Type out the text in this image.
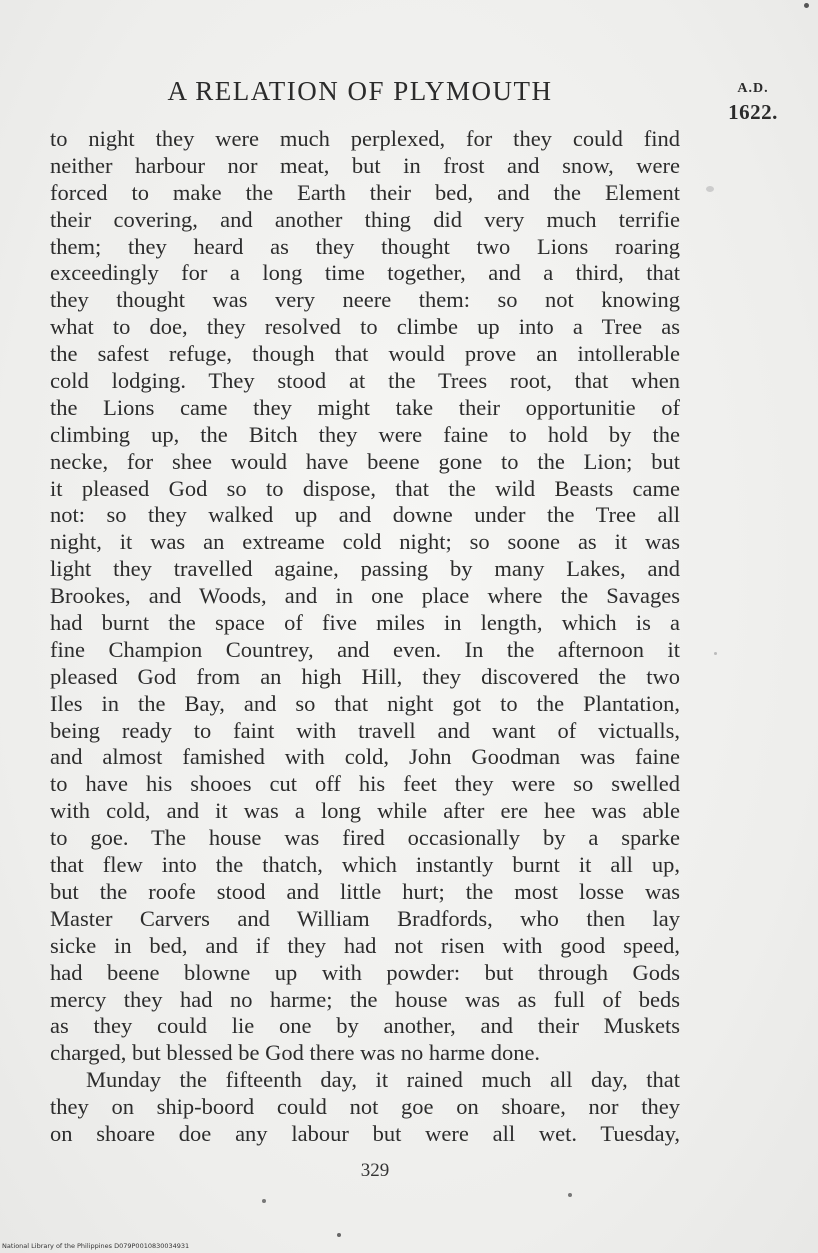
A RELATION OF PLYMOUTH	A.D.
1622.
to night they were much perplexed, for they could find
neither harbour nor meat, but in frost and snow, were
forced to make the Earth their bed, and the Element
their covering, and another thing did very much terrifie
them; they heard as they thought two Lions roaring
exceedingly for a long time together, and a third, that
they thought was very neere them: so not knowing
what to doe, they resolved to climbe up into a Tree as
the safest refuge, though that would prove an intollerable
cold lodging. They stood at the Trees root, that when
the Lions came they might take their opportunitie of
climbing up, the Bitch they were faine to hold by the
necke, for shee would have beene gone to the Lion; but
it pleased God so to dispose, that the wild Beasts came
not: so they walked up and downe under the Tree all
night, it was an extreame cold night; so soone as it was
light they travelled againe, passing by many Lakes, and
Brookes, and Woods, and in one place where the Savages
had burnt the space of five miles in length, which is a
fine Champion Countrey, and even. In the afternoon it
pleased God from an high Hill, they discovered the two
Iles in the Bay, and so that night got to the Plantation,
being ready to faint with travell and want of victualls,
and almost famished with cold, John Goodman was faine
to have his shooes cut off his feet they were so swelled
with cold, and it was a long while after ere hee was able
to goe. The house was fired occasionally by a sparke
that flew into the thatch, which instantly burnt it all up,
but the roofe stood and little hurt; the most losse was
Master Carvers and William Bradfords, who then lay
sicke in bed, and if they had not risen with good speed,
had beene blowne up with powder: but through Gods
mercy they had no harme; the house was as full of beds
as they could lie one by another, and their Muskets
charged, but blessed be God there was no harme done.
Munday the fifteenth day, it rained much all day, that
they on ship-boord could not goe on shoare, nor they
on shoare doe any labour but were all wet. Tuesday,
329
National Library of the Philippines D079P0010830034931
